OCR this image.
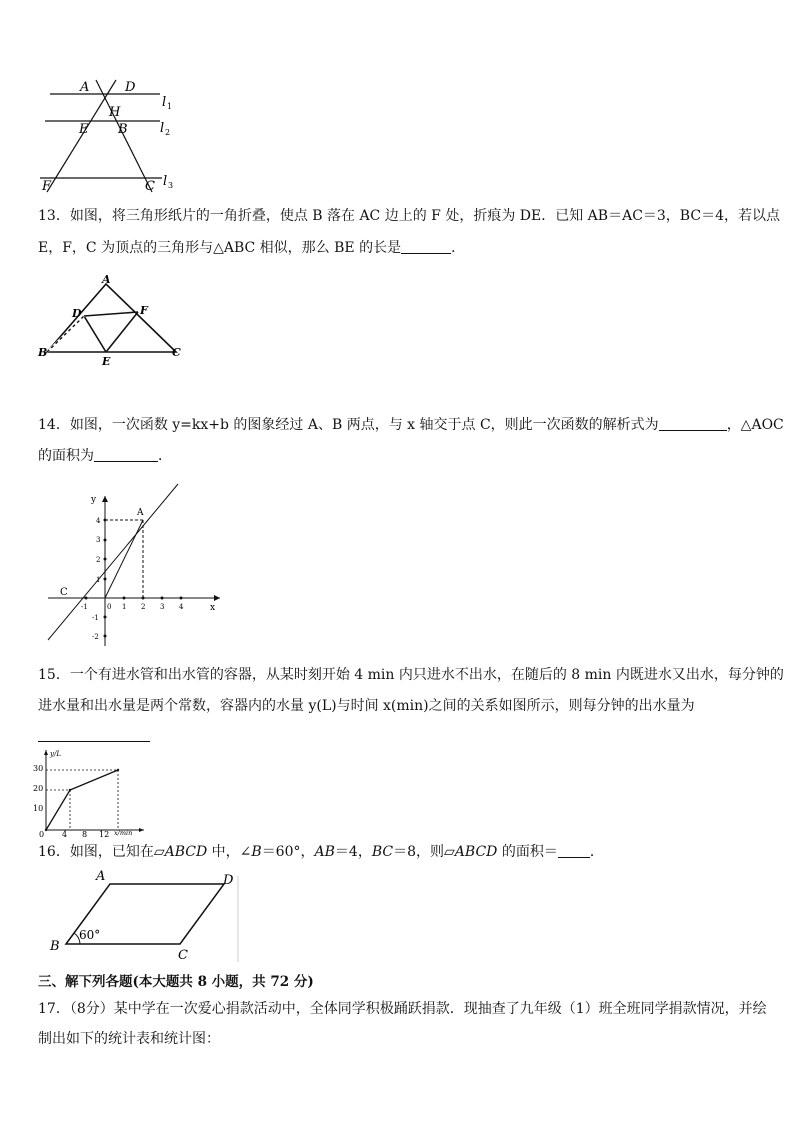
A	D
H
E B
F	C
l 1
l 2
l 3
13．如图，将三角形纸片的一角折叠，使点 B 落在 AC 边上的 F 处，折痕为 DE．已知 AB＝AC＝3，BC＝4，若以点
E，F，C 为顶点的三角形与△ABC 相似，那么 BE 的长是	．
A
D	F
B
E
C
14．如图，一次函数 y=kx+b 的图象经过 A、B 两点，与 x 轴交于点 C，则此一次函数的解析式为	，△AOC
的面积为	．
y
x
0
A
C
-1	1 2 3 4
4
3
2
1
-1
-2
15．一个有进水管和出水管的容器，从某时刻开始 4 min 内只进水不出水，在随后的 8 min 内既进水又出水，每分钟的
进水量和出水量是两个常数，容器内的水量 y(L)与时间 x(min)之间的关系如图所示，则每分钟的出水量为
y/L
x/min
0
30
20
10
4 8 12
16．如图，已知在▱ABCD 中，∠B＝60°，AB＝4，BC＝8，则▱ABCD 的面积＝ ．
A	D
B
C
60°
三、解下列各题(本大题共 8 小题，共 72 分)
17．（8分）某中学在一次爱心捐款活动中，全体同学积极踊跃捐款．现抽查了九年级（1）班全班同学捐款情况，并绘
制出如下的统计表和统计图：
